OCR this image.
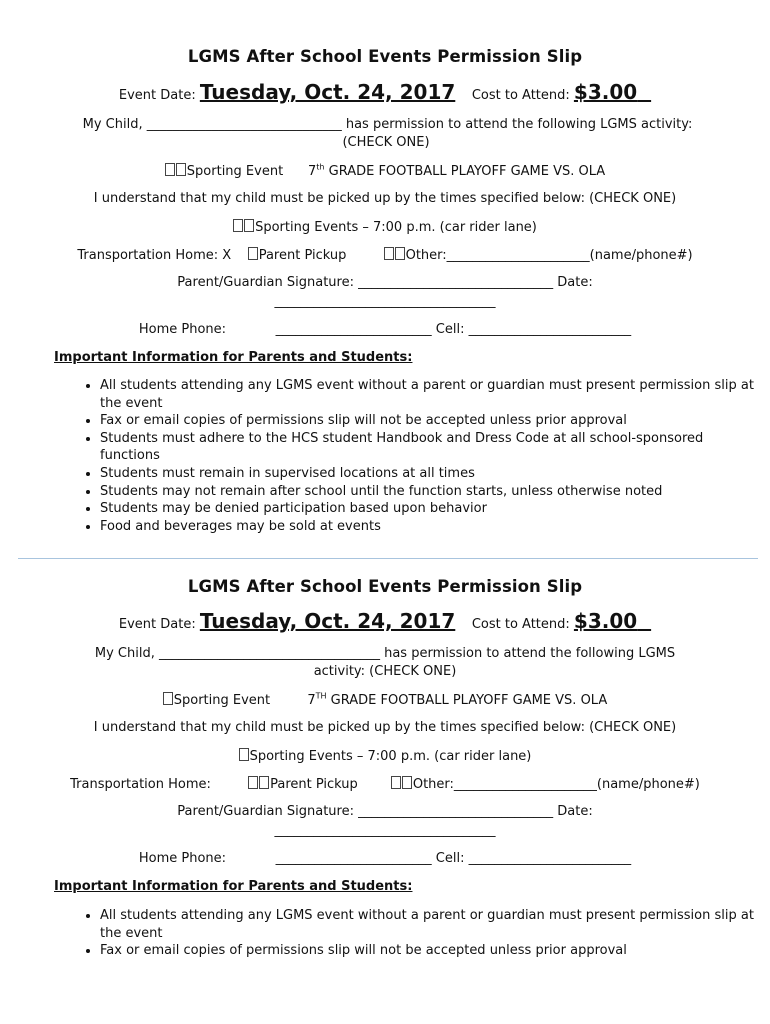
LGMS After School Events Permission Slip
Event Date: Tuesday, Oct. 24, 2017 Cost to Attend: $3.00
My Child, ______________________________ has permission to attend the following LGMS activity:
(CHECK ONE)
Sporting Event 7th GRADE FOOTBALL PLAYOFF GAME VS. OLA
I understand that my child must be picked up by the times specified below: (CHECK ONE)
Sporting Events – 7:00 p.m. (car rider lane)
Transportation Home: X Parent Pickup	Other:______________________(name/phone#)
Parent/Guardian Signature: ______________________________ Date:
__________________________________
Home Phone:	________________________ Cell: _________________________
Important Information for Parents and Students:
• All students attending any LGMS event without a parent or guardian must present permission slip at the event
• Fax or email copies of permissions slip will not be accepted unless prior approval
• Students must adhere to the HCS student Handbook and Dress Code at all school-sponsored functions
• Students must remain in supervised locations at all times
• Students may not remain after school until the function starts, unless otherwise noted
• Students may be denied participation based upon behavior
• Food and beverages may be sold at events
LGMS After School Events Permission Slip
Event Date: Tuesday, Oct. 24, 2017 Cost to Attend: $3.00
My Child, __________________________________ has permission to attend the following LGMS
activity: (CHECK ONE)
Sporting Event	7TH GRADE FOOTBALL PLAYOFF GAME VS. OLA
I understand that my child must be picked up by the times specified below: (CHECK ONE)
Sporting Events – 7:00 p.m. (car rider lane)
Transportation Home:	Parent Pickup	Other:______________________(name/phone#)
Parent/Guardian Signature: ______________________________ Date:
__________________________________
Home Phone:	________________________ Cell: _________________________
Important Information for Parents and Students:
• All students attending any LGMS event without a parent or guardian must present permission slip at the event
• Fax or email copies of permissions slip will not be accepted unless prior approval
